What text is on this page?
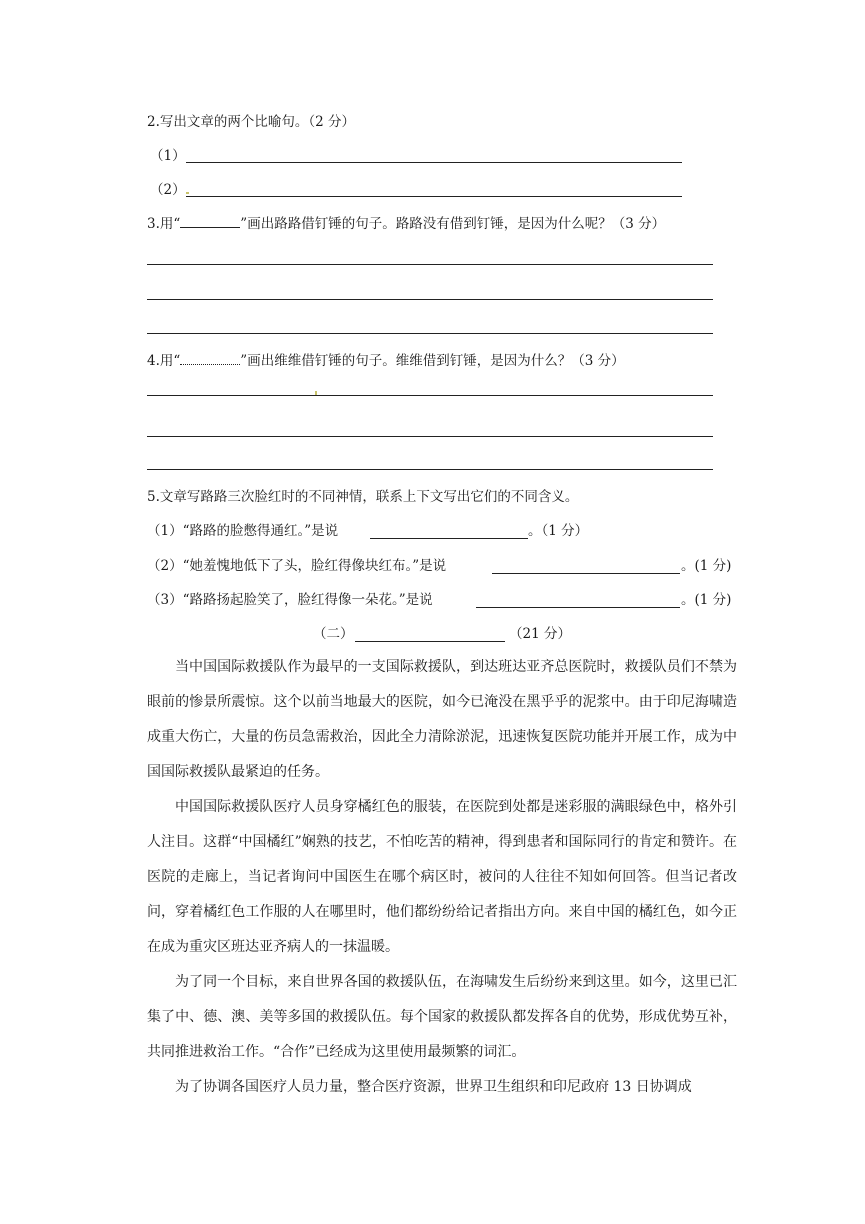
2.写出文章的两个比喻句。（2 分）
（1）
（2）
3.用“	”画出路路借钉锤的句子。路路没有借到钉锤，是因为什么呢？（3 分）
4.用“	”画出维维借钉锤的句子。维维借到钉锤，是因为什么？（3 分）
5.文章写路路三次脸红时的不同神情，联系上下文写出它们的不同含义。
（1）“路路的脸憋得通红。”是说	。（1 分）
（2）“她羞愧地低下了头，脸红得像块红布。”是说	。(1 分)
（3）“路路扬起脸笑了，脸红得像一朵花。”是说	。(1 分)
（二）	（21 分）
当中国国际救援队作为最早的一支国际救援队，到达班达亚齐总医院时，救援队员们不禁为眼前的惨景所震惊。这个以前当地最大的医院，如今已淹没在黑乎乎的泥浆中。由于印尼海啸造成重大伤亡，大量的伤员急需救治，因此全力清除淤泥，迅速恢复医院功能并开展工作，成为中国国际救援队最紧迫的任务。
中国国际救援队医疗人员身穿橘红色的服装，在医院到处都是迷彩服的满眼绿色中，格外引人注目。这群“中国橘红”娴熟的技艺，不怕吃苦的精神，得到患者和国际同行的肯定和赞许。在医院的走廊上，当记者询问中国医生在哪个病区时，被问的人往往不知如何回答。但当记者改问，穿着橘红色工作服的人在哪里时，他们都纷纷给记者指出方向。来自中国的橘红色，如今正在成为重灾区班达亚齐病人的一抹温暖。
为了同一个目标，来自世界各国的救援队伍，在海啸发生后纷纷来到这里。如今，这里已汇集了中、德、澳、美等多国的救援队伍。每个国家的救援队都发挥各自的优势，形成优势互补，共同推进救治工作。“合作”已经成为这里使用最频繁的词汇。
为了协调各国医疗人员力量，整合医疗资源，世界卫生组织和印尼政府 13 日协调成
